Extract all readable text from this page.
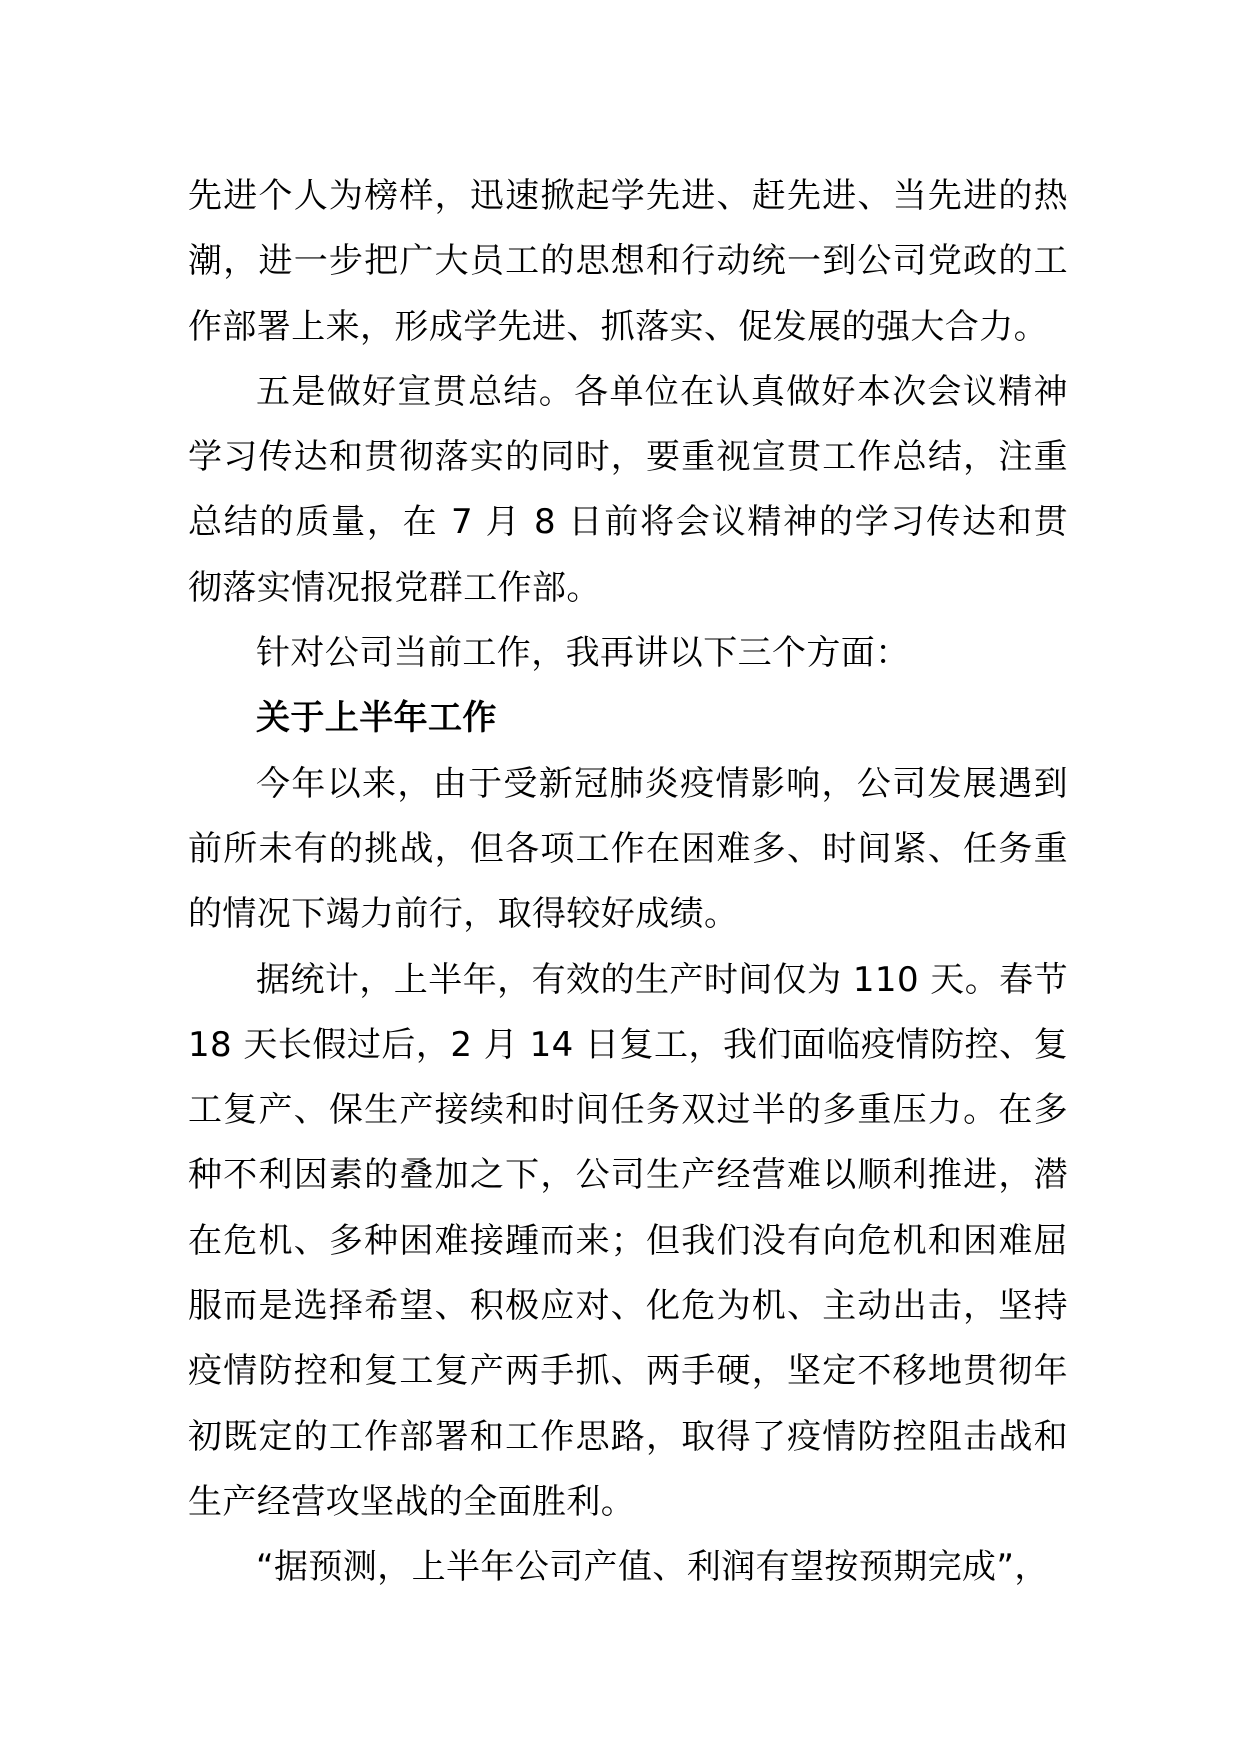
先进个人为榜样，迅速掀起学先进、赶先进、当先进的热潮，进一步把广大员工的思想和行动统一到公司党政的工作部署上来，形成学先进、抓落实、促发展的强大合力。

五是做好宣贯总结。各单位在认真做好本次会议精神学习传达和贯彻落实的同时，要重视宣贯工作总结，注重总结的质量，在 7 月 8 日前将会议精神的学习传达和贯彻落实情况报党群工作部。

针对公司当前工作，我再讲以下三个方面：

关于上半年工作

今年以来，由于受新冠肺炎疫情影响，公司发展遇到前所未有的挑战，但各项工作在困难多、时间紧、任务重的情况下竭力前行，取得较好成绩。

据统计，上半年，有效的生产时间仅为 110 天。春节 18 天长假过后，2 月 14 日复工，我们面临疫情防控、复工复产、保生产接续和时间任务双过半的多重压力。在多种不利因素的叠加之下，公司生产经营难以顺利推进，潜在危机、多种困难接踵而来；但我们没有向危机和困难屈服而是选择希望、积极应对、化危为机、主动出击，坚持疫情防控和复工复产两手抓、两手硬，坚定不移地贯彻年初既定的工作部署和工作思路，取得了疫情防控阻击战和生产经营攻坚战的全面胜利。

“据预测，上半年公司产值、利润有望按预期完成”，
